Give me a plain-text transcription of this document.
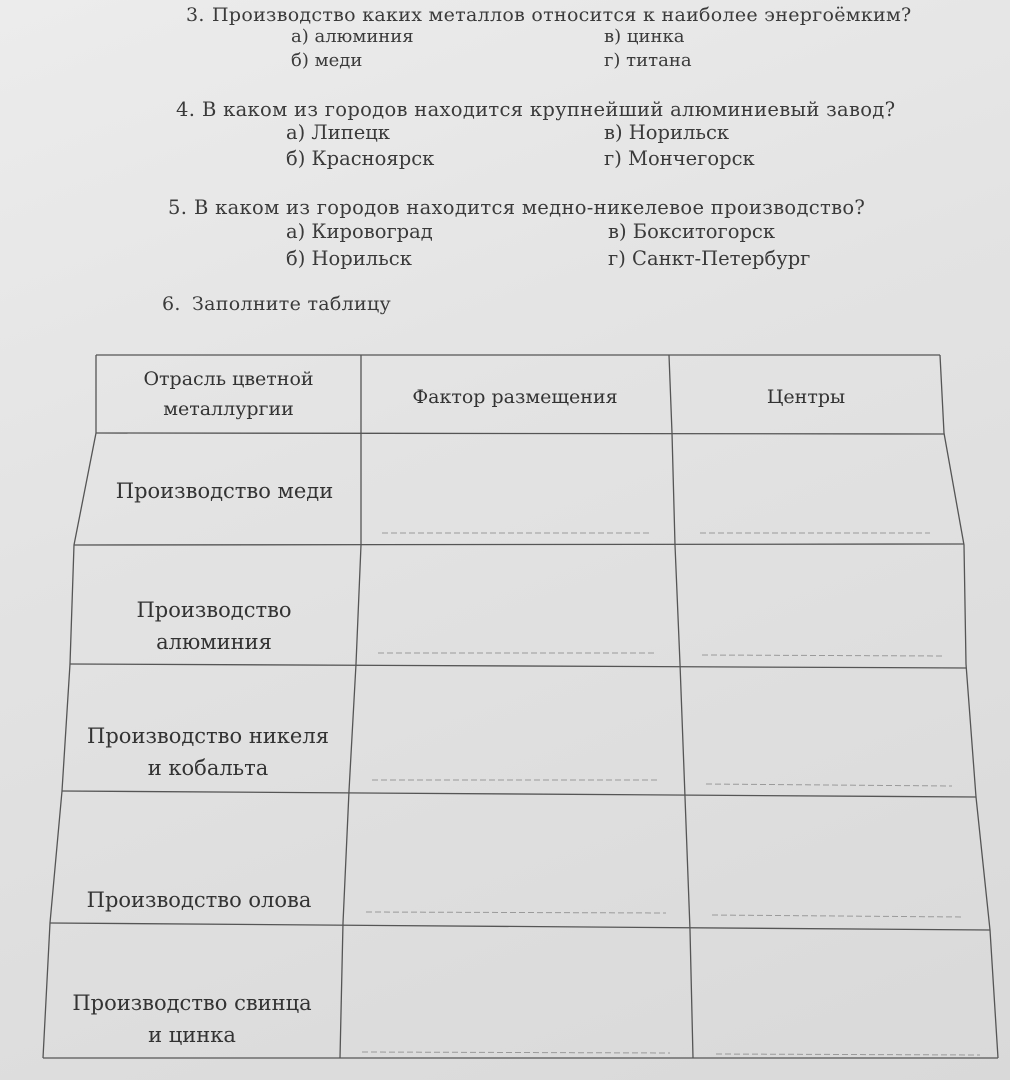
3. Производство каких металлов относится к наиболее энергоёмким?
а) алюминия
б) меди
в) цинка
г) титана
4. В каком из городов находится крупнейший алюминиевый завод?
а) Липецк
б) Красноярск
в) Норильск
г) Мончегорск
5. В каком из городов находится медно-никелевое производство?
а) Кировоград
б) Норильск
в) Бокситогорск
г) Санкт-Петербург
6. Заполните таблицу
Отрасль цветной
металлургии
Фактор размещения	Центры
Производство меди
Производство
алюминия
Производство никеля
и кобальта
Производство олова
Производство свинца
и цинка
